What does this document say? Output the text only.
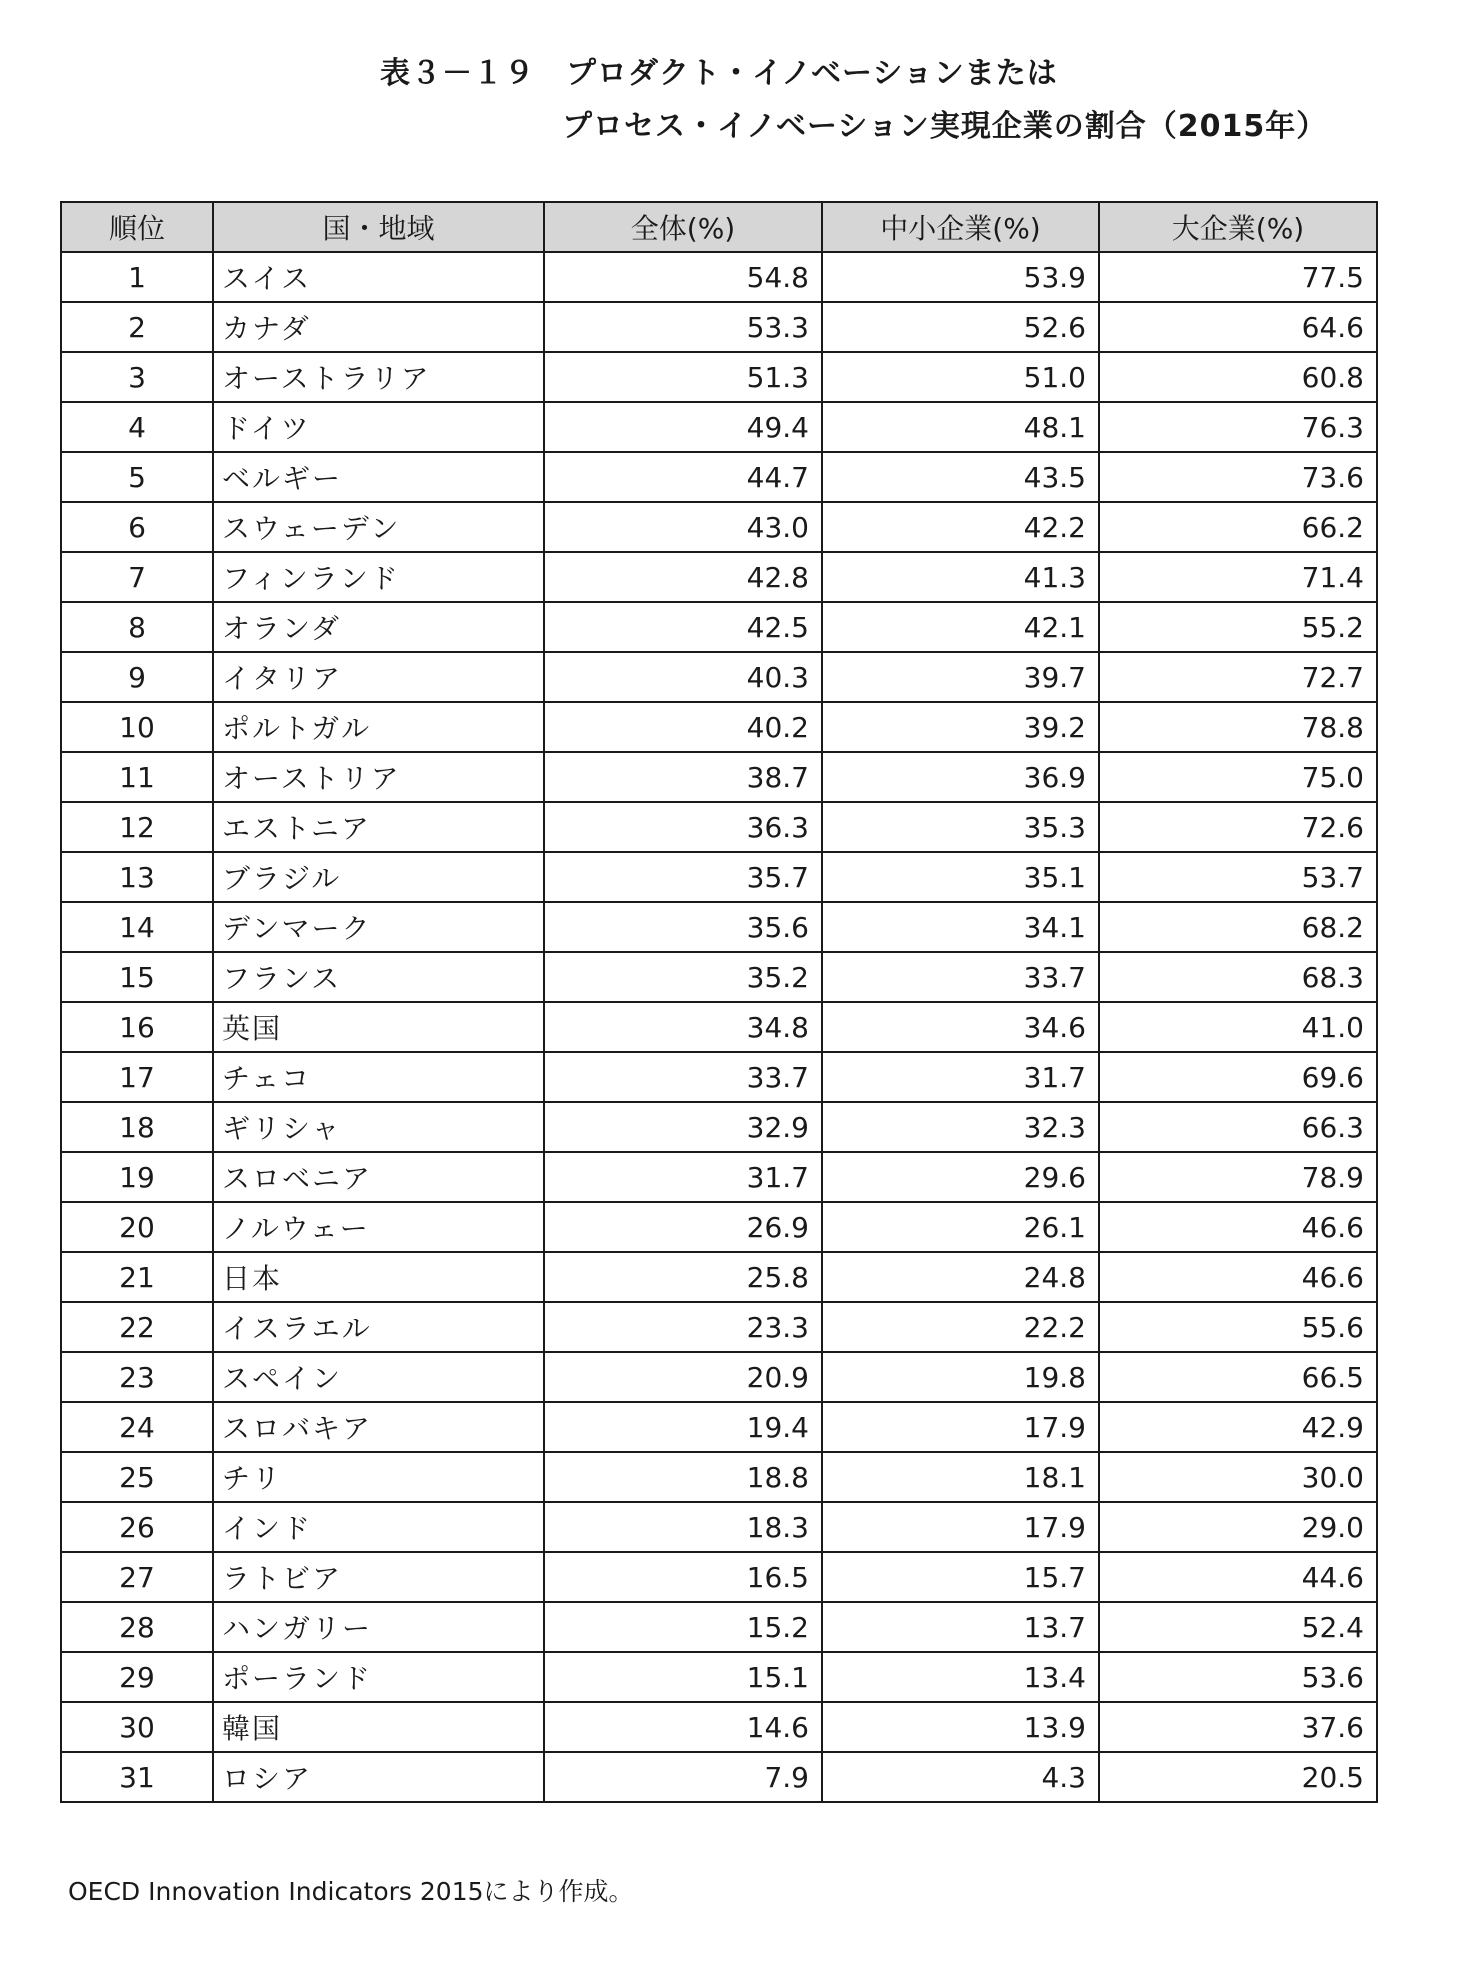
表３－１９　プロダクト・イノベーションまたは
プロセス・イノベーション実現企業の割合（2015年）
順位	国・地域	全体(%)	中小企業(%)	大企業(%)
1	スイス	54.8	53.9	77.5
2	カナダ	53.3	52.6	64.6
3	オーストラリア	51.3	51.0	60.8
4	ドイツ	49.4	48.1	76.3
5	ベルギー	44.7	43.5	73.6
6	スウェーデン	43.0	42.2	66.2
7	フィンランド	42.8	41.3	71.4
8	オランダ	42.5	42.1	55.2
9	イタリア	40.3	39.7	72.7
10	ポルトガル	40.2	39.2	78.8
11	オーストリア	38.7	36.9	75.0
12	エストニア	36.3	35.3	72.6
13	ブラジル	35.7	35.1	53.7
14	デンマーク	35.6	34.1	68.2
15	フランス	35.2	33.7	68.3
16	英国	34.8	34.6	41.0
17	チェコ	33.7	31.7	69.6
18	ギリシャ	32.9	32.3	66.3
19	スロベニア	31.7	29.6	78.9
20	ノルウェー	26.9	26.1	46.6
21	日本	25.8	24.8	46.6
22	イスラエル	23.3	22.2	55.6
23	スペイン	20.9	19.8	66.5
24	スロバキア	19.4	17.9	42.9
25	チリ	18.8	18.1	30.0
26	インド	18.3	17.9	29.0
27	ラトビア	16.5	15.7	44.6
28	ハンガリー	15.2	13.7	52.4
29	ポーランド	15.1	13.4	53.6
30	韓国	14.6	13.9	37.6
31	ロシア	7.9	4.3	20.5
OECD Innovation Indicators 2015により作成。
